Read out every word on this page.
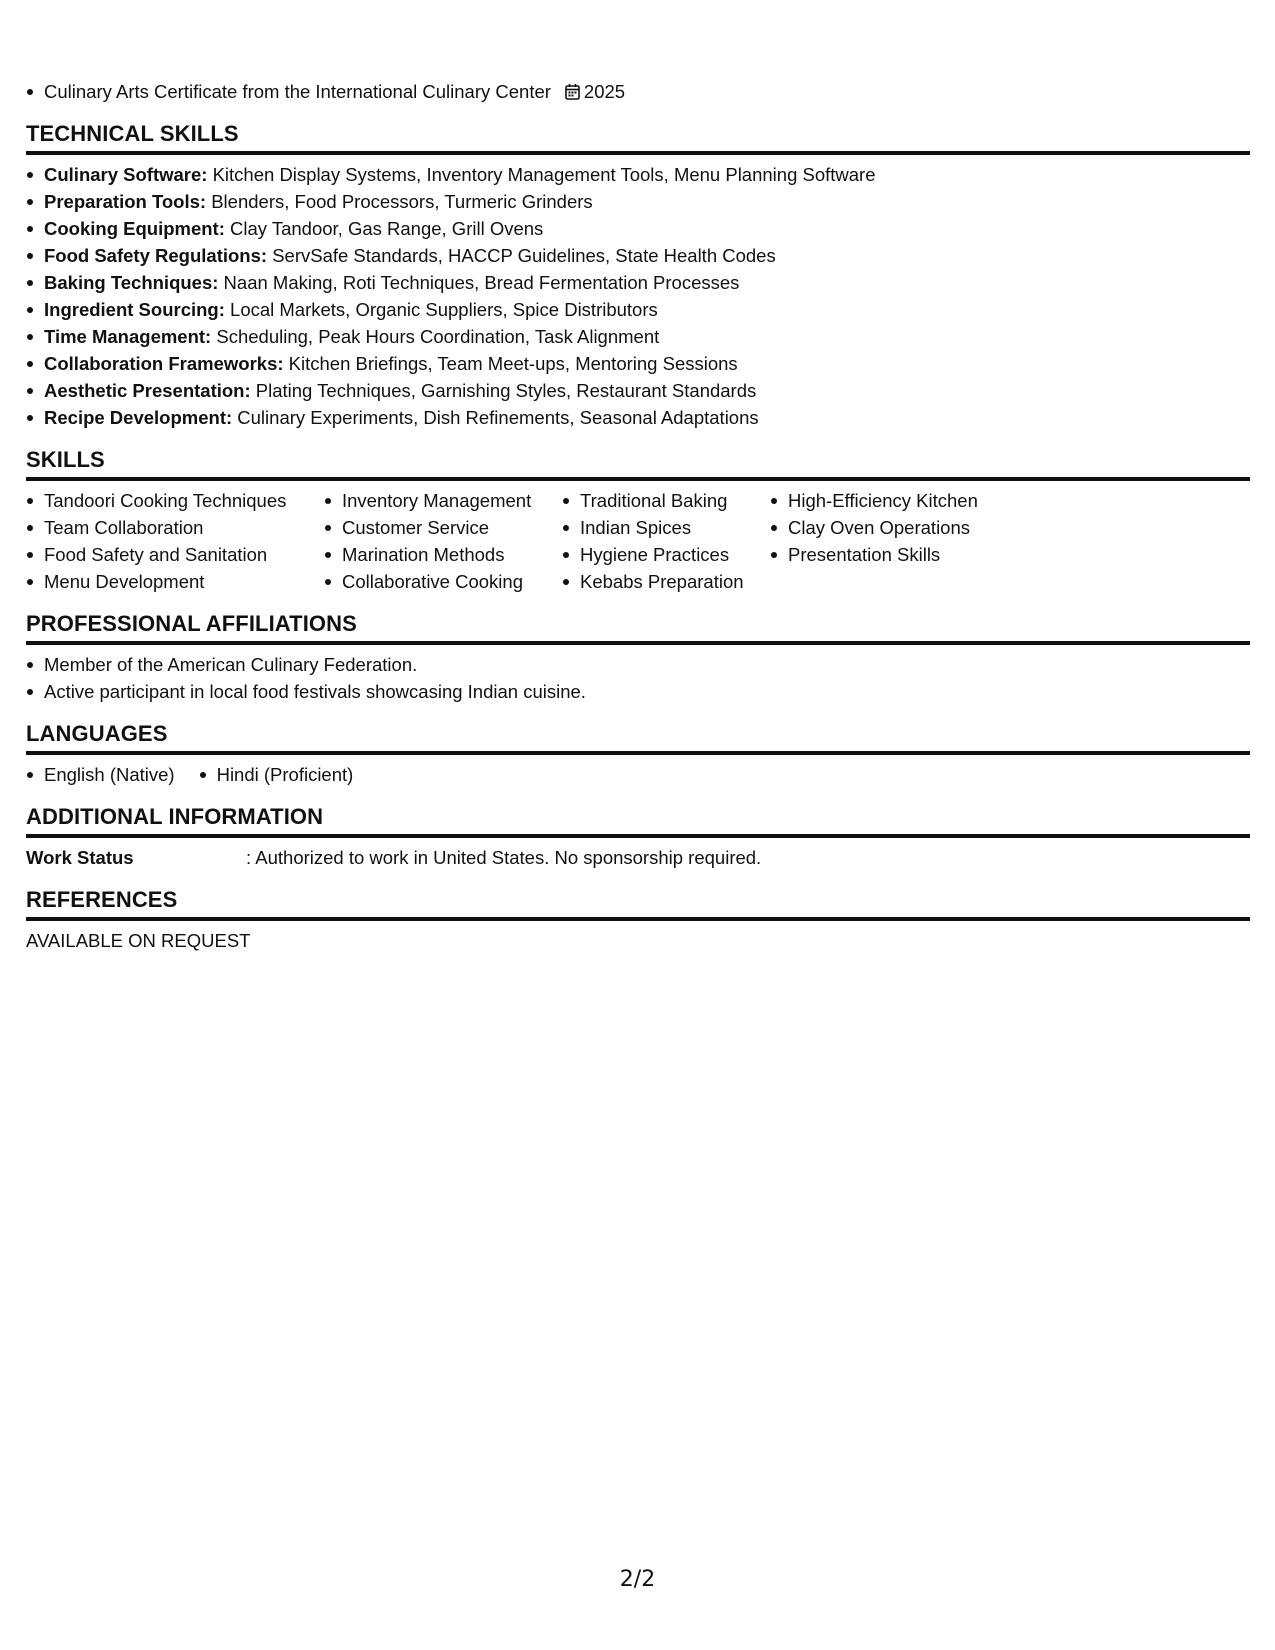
Culinary Arts Certificate from the International Culinary Center 2025
TECHNICAL SKILLS
Culinary Software: Kitchen Display Systems, Inventory Management Tools, Menu Planning Software
Preparation Tools: Blenders, Food Processors, Turmeric Grinders
Cooking Equipment: Clay Tandoor, Gas Range, Grill Ovens
Food Safety Regulations: ServSafe Standards, HACCP Guidelines, State Health Codes
Baking Techniques: Naan Making, Roti Techniques, Bread Fermentation Processes
Ingredient Sourcing: Local Markets, Organic Suppliers, Spice Distributors
Time Management: Scheduling, Peak Hours Coordination, Task Alignment
Collaboration Frameworks: Kitchen Briefings, Team Meet-ups, Mentoring Sessions
Aesthetic Presentation: Plating Techniques, Garnishing Styles, Restaurant Standards
Recipe Development: Culinary Experiments, Dish Refinements, Seasonal Adaptations
SKILLS
Tandoori Cooking Techniques
Team Collaboration
Food Safety and Sanitation
Menu Development
Inventory Management
Customer Service
Marination Methods
Collaborative Cooking
Traditional Baking
Indian Spices
Hygiene Practices
Kebabs Preparation
High-Efficiency Kitchen
Clay Oven Operations
Presentation Skills
PROFESSIONAL AFFILIATIONS
Member of the American Culinary Federation.
Active participant in local food festivals showcasing Indian cuisine.
LANGUAGES
English (Native)	Hindi (Proficient)
ADDITIONAL INFORMATION
Work Status	: Authorized to work in United States. No sponsorship required.
REFERENCES
AVAILABLE ON REQUEST
2/2
